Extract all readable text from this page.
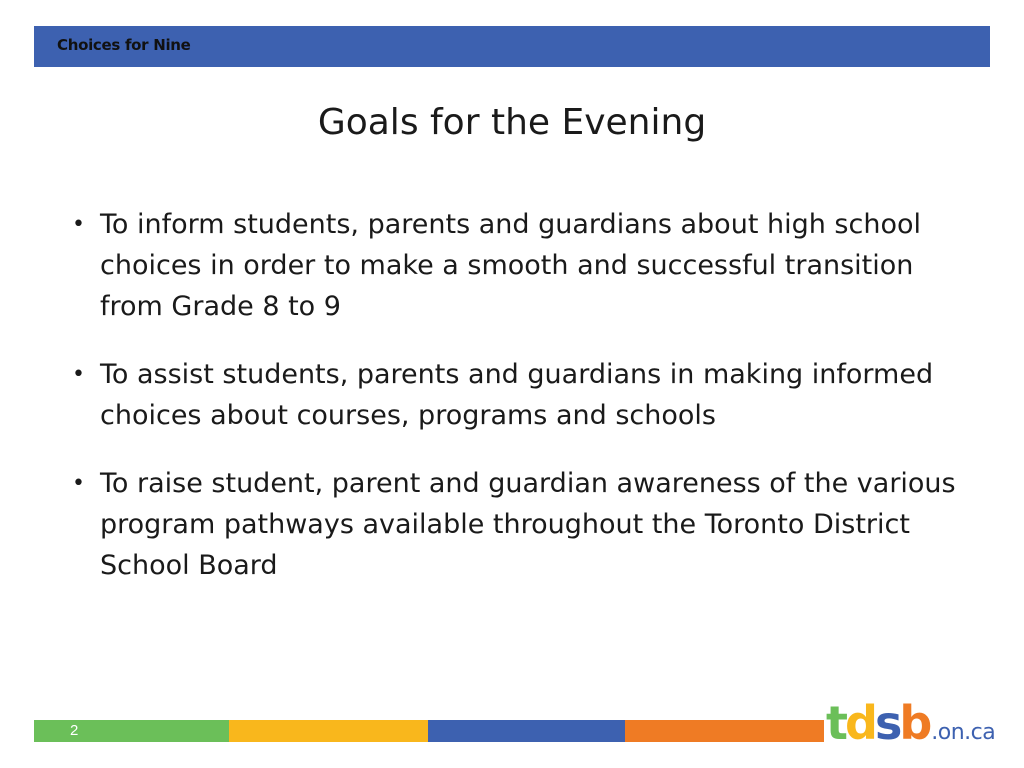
Choices for Nine
Goals for the Evening
• To inform students, parents and guardians about high school choices in order to make a smooth and successful transition from Grade 8 to 9
• To assist students, parents and guardians in making informed choices about courses, programs and schools
• To raise student, parent and guardian awareness of the various program pathways available throughout the Toronto District School Board
2	tdsb.on.ca
